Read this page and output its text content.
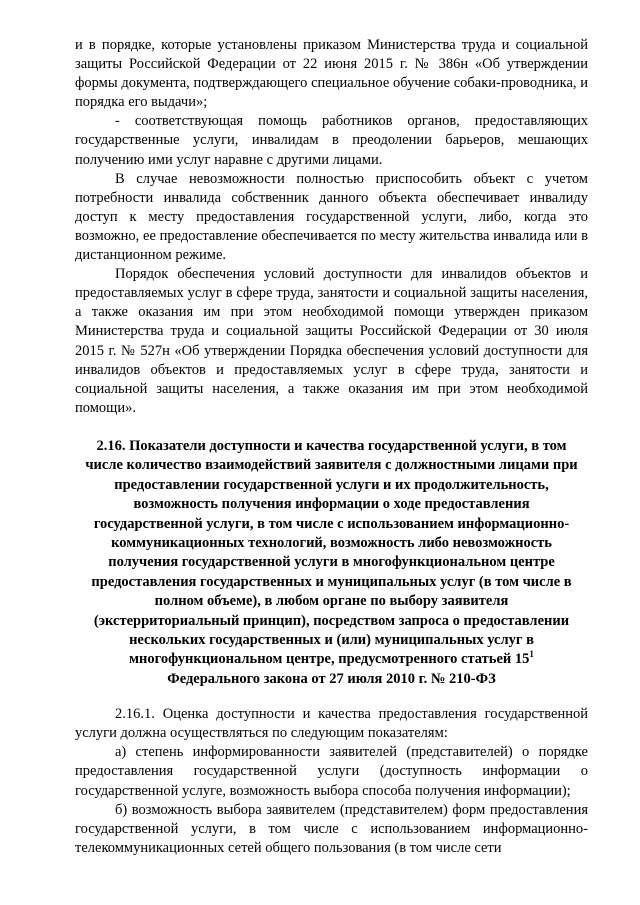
и в порядке, которые установлены приказом Министерства труда и социальной защиты Российской Федерации от 22 июня 2015 г. № 386н «Об утверждении формы документа, подтверждающего специальное обучение собаки-проводника, и порядка его выдачи»;

- соответствующая помощь работников органов, предоставляющих государственные услуги, инвалидам в преодолении барьеров, мешающих получению ими услуг наравне с другими лицами.

В случае невозможности полностью приспособить объект с учетом потребности инвалида собственник данного объекта обеспечивает инвалиду доступ к месту предоставления государственной услуги, либо, когда это возможно, ее предоставление обеспечивается по месту жительства инвалида или в дистанционном режиме.

Порядок обеспечения условий доступности для инвалидов объектов и предоставляемых услуг в сфере труда, занятости и социальной защиты населения, а также оказания им при этом необходимой помощи утвержден приказом Министерства труда и социальной защиты Российской Федерации от 30 июля 2015 г. № 527н «Об утверждении Порядка обеспечения условий доступности для инвалидов объектов и предоставляемых услуг в сфере труда, занятости и социальной защиты населения, а также оказания им при этом необходимой помощи».

2.16. Показатели доступности и качества государственной услуги, в том числе количество взаимодействий заявителя с должностными лицами при предоставлении государственной услуги и их продолжительность, возможность получения информации о ходе предоставления государственной услуги, в том числе с использованием информационно-коммуникационных технологий, возможность либо невозможность получения государственной услуги в многофункциональном центре предоставления государственных и муниципальных услуг (в том числе в полном объеме), в любом органе по выбору заявителя (экстерриториальный принцип), посредством запроса о предоставлении нескольких государственных и (или) муниципальных услуг в многофункциональном центре, предусмотренного статьей $15^1$ Федерального закона от 27 июля 2010 г. № 210-ФЗ

2.16.1. Оценка доступности и качества предоставления государственной услуги должна осуществляться по следующим показателям:

а) степень информированности заявителей (представителей) о порядке предоставления государственной услуги (доступность информации о государственной услуге, возможность выбора способа получения информации);

б) возможность выбора заявителем (представителем) форм предоставления государственной услуги, в том числе с использованием информационно-телекоммуникационных сетей общего пользования (в том числе сети
